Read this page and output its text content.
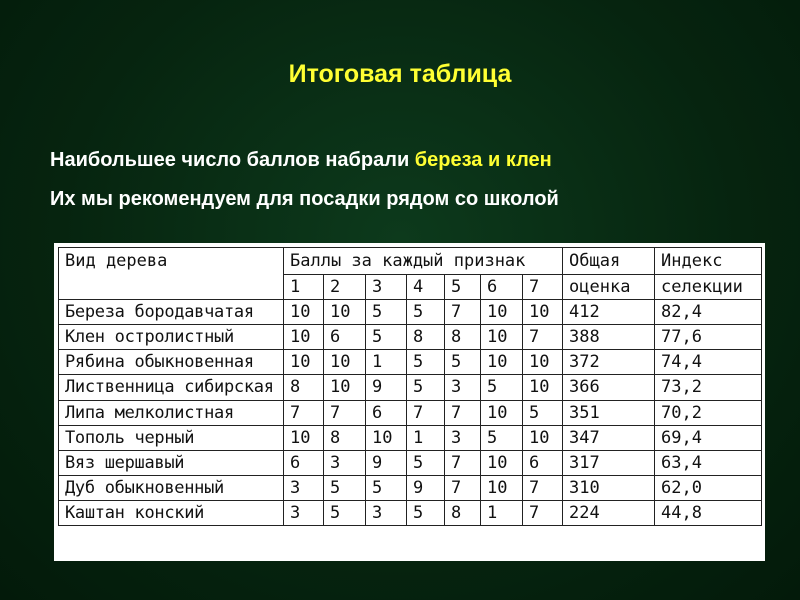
Итоговая таблица
Наибольшее число баллов набрали береза и клен
Их мы рекомендуем для посадки рядом со школой
Вид дерева	Баллы за каждый признак							Общая	Индекс
	1	2	3	4	5	6	7	оценка	селекции
Береза бородавчатая	10	10	5	5	7	10	10	412	82,4
Клен остролистный	10	6	5	8	8	10	7	388	77,6
Рябина обыкновенная	10	10	1	5	5	10	10	372	74,4
Лиственница сибирская	8	10	9	5	3	5	10	366	73,2
Липа мелколистная	7	7	6	7	7	10	5	351	70,2
Тополь черный	10	8	10	1	3	5	10	347	69,4
Вяз шершавый	6	3	9	5	7	10	6	317	63,4
Дуб обыкновенный	3	5	5	9	7	10	7	310	62,0
Каштан конский	3	5	3	5	8	1	7	224	44,8
MyShared
